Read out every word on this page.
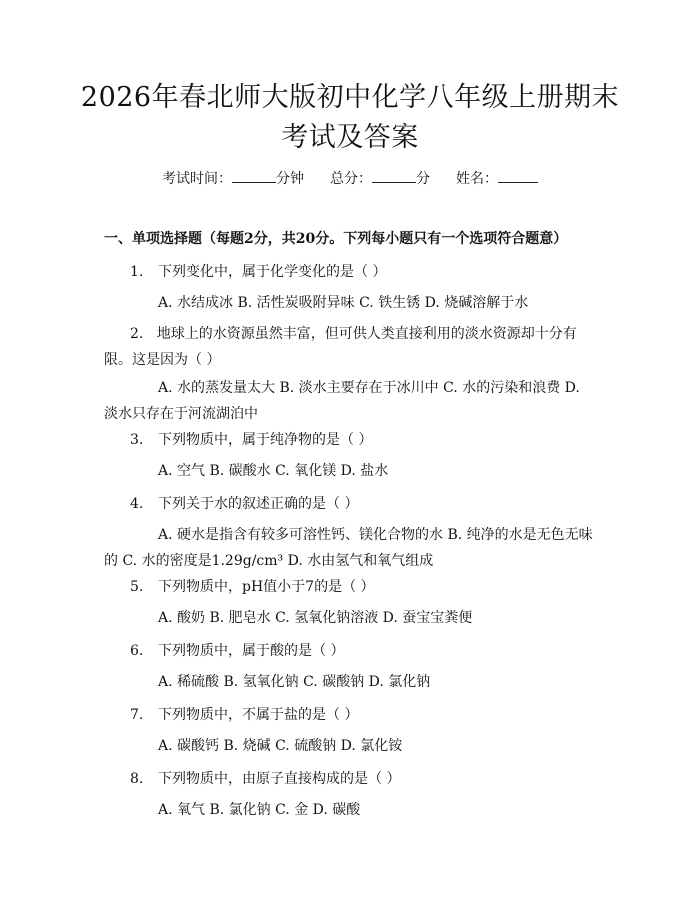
2026年春北师大版初中化学八年级上册期末
考试及答案
考试时间：	分钟 总分：	分 姓名：
一、单项选择题（每题2分，共20分。下列每小题只有一个选项符合题意）
1. 下列变化中，属于化学变化的是（ ）
A. 水结成冰 B. 活性炭吸附异味 C. 铁生锈 D. 烧碱溶解于水
2. 地球上的水资源虽然丰富，但可供人类直接利用的淡水资源却十分有限。这是因为（ ）
A. 水的蒸发量太大 B. 淡水主要存在于冰川中 C. 水的污染和浪费 D. 淡水只存在于河流湖泊中
3. 下列物质中，属于纯净物的是（ ）
A. 空气 B. 碳酸水 C. 氧化镁 D. 盐水
4. 下列关于水的叙述正确的是（ ）
A. 硬水是指含有较多可溶性钙、镁化合物的水 B. 纯净的水是无色无味的 C. 水的密度是1.29g/cm³ D. 水由氢气和氧气组成
5. 下列物质中，pH值小于7的是（ ）
A. 酸奶 B. 肥皂水 C. 氢氧化钠溶液 D. 蚕宝宝粪便
6. 下列物质中，属于酸的是（ ）
A. 稀硫酸 B. 氢氧化钠 C. 碳酸钠 D. 氯化钠
7. 下列物质中，不属于盐的是（ ）
A. 碳酸钙 B. 烧碱 C. 硫酸钠 D. 氯化铵
8. 下列物质中，由原子直接构成的是（ ）
A. 氧气 B. 氯化钠 C. 金 D. 碳酸
